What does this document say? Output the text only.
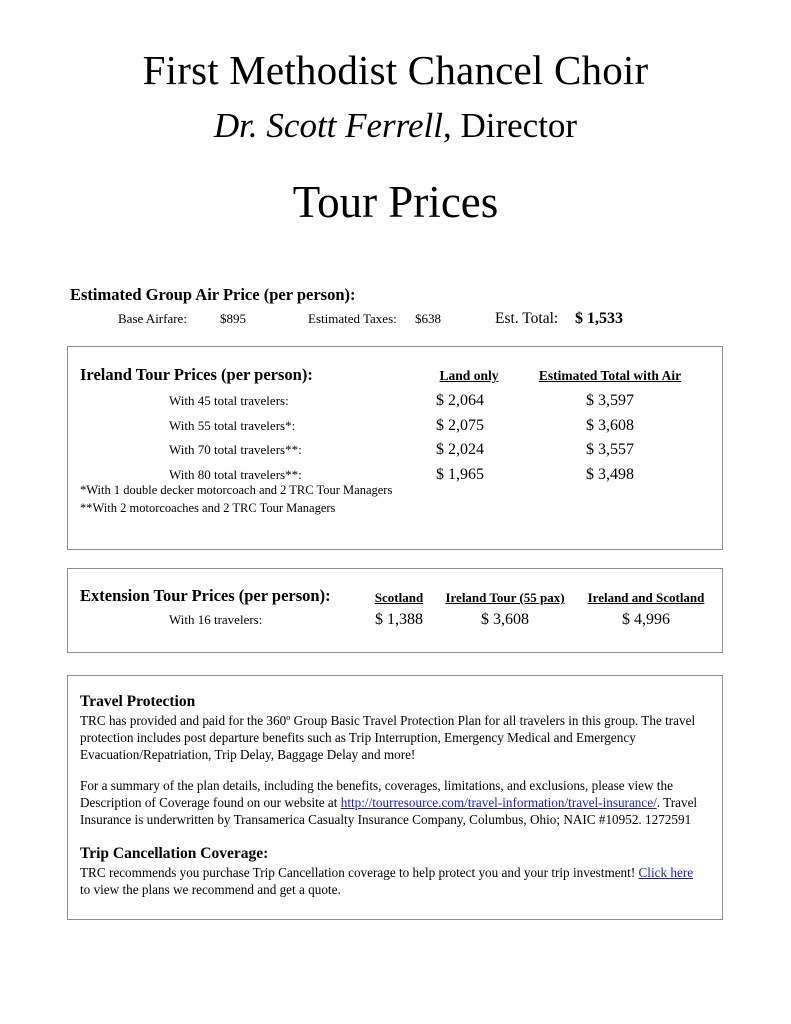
First Methodist Chancel Choir
Dr. Scott Ferrell, Director
Tour Prices
Estimated Group Air Price (per person):
Base Airfare:	$895	Estimated Taxes: $638	Est. Total: $ 1,533
Ireland Tour Prices (per person):	Land only	Estimated Total with Air
With 45 total travelers:	$ 2,064	$ 3,597
With 55 total travelers*:	$ 2,075	$ 3,608
With 70 total travelers**:	$ 2,024	$ 3,557
With 80 total travelers**:	$ 1,965	$ 3,498
*With 1 double decker motorcoach and 2 TRC Tour Managers
**With 2 motorcoaches and 2 TRC Tour Managers
Extension Tour Prices (per person):	Scotland	Ireland Tour (55 pax)	Ireland and Scotland
With 16 travelers:	$ 1,388	$ 3,608	$ 4,996
Travel Protection

TRC has provided and paid for the 360º Group Basic Travel Protection Plan for all travelers in this group. The travel protection includes post departure benefits such as Trip Interruption, Emergency Medical and Emergency Evacuation/Repatriation, Trip Delay, Baggage Delay and more!

For a summary of the plan details, including the benefits, coverages, limitations, and exclusions, please view the Description of Coverage found on our website at http://tourresource.com/travel-information/travel-insurance/. Travel Insurance is underwritten by Transamerica Casualty Insurance Company, Columbus, Ohio; NAIC #10952. 1272591

Trip Cancellation Coverage:

TRC recommends you purchase Trip Cancellation coverage to help protect you and your trip investment! Click here to view the plans we recommend and get a quote.
